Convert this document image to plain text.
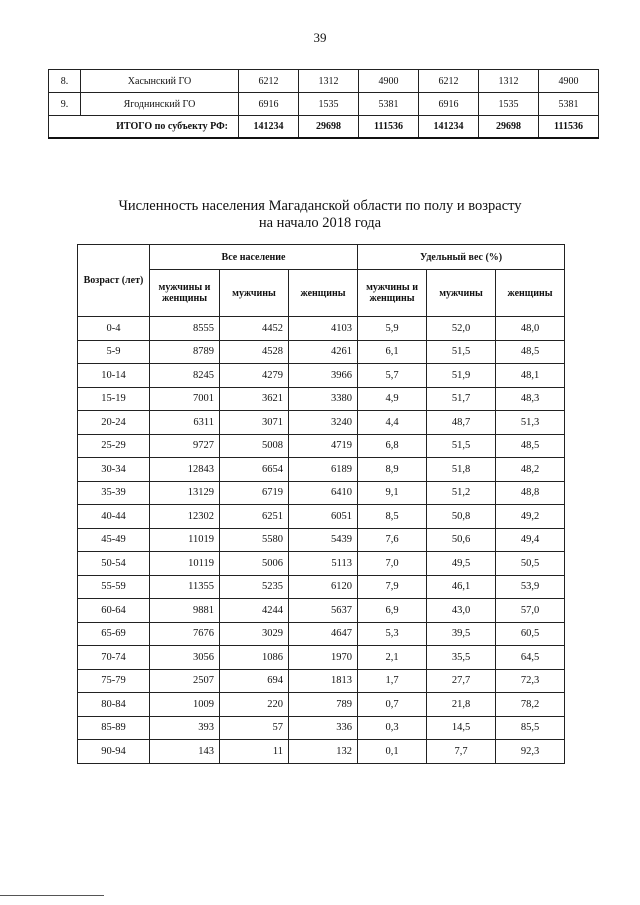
39
8.	Хасынский ГО	6212	1312	4900	6212	1312	4900
9.	Ягоднинский ГО	6916	1535	5381	6916	1535	5381
ИТОГО по субъекту РФ:		141234	29698	111536	141234	29698	111536
Численность населения Магаданской области по полу и возрасту
на начало 2018 года
Возраст (лет)	Все население			Удельный вес (%)		
	мужчины и женщины	мужчины	женщины	мужчины и женщины	мужчины	женщины
0-4	8555	4452	4103	5,9	52,0	48,0
5-9	8789	4528	4261	6,1	51,5	48,5
10-14	8245	4279	3966	5,7	51,9	48,1
15-19	7001	3621	3380	4,9	51,7	48,3
20-24	6311	3071	3240	4,4	48,7	51,3
25-29	9727	5008	4719	6,8	51,5	48,5
30-34	12843	6654	6189	8,9	51,8	48,2
35-39	13129	6719	6410	9,1	51,2	48,8
40-44	12302	6251	6051	8,5	50,8	49,2
45-49	11019	5580	5439	7,6	50,6	49,4
50-54	10119	5006	5113	7,0	49,5	50,5
55-59	11355	5235	6120	7,9	46,1	53,9
60-64	9881	4244	5637	6,9	43,0	57,0
65-69	7676	3029	4647	5,3	39,5	60,5
70-74	3056	1086	1970	2,1	35,5	64,5
75-79	2507	694	1813	1,7	27,7	72,3
80-84	1009	220	789	0,7	21,8	78,2
85-89	393	57	336	0,3	14,5	85,5
90-94	143	11	132	0,1	7,7	92,3
